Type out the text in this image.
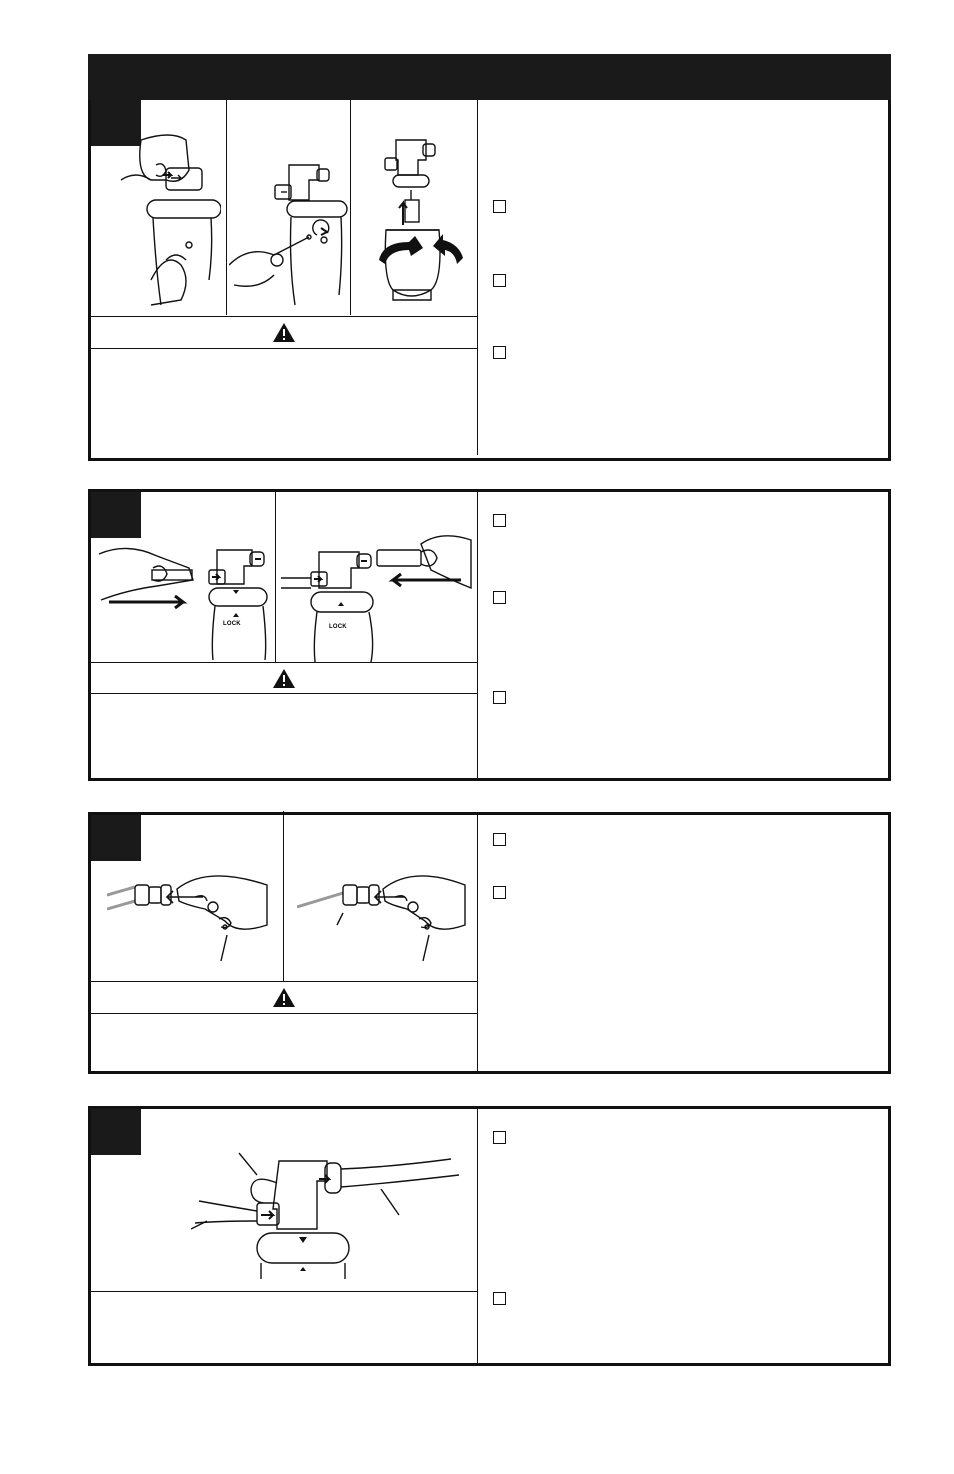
LOCK	LOCK
